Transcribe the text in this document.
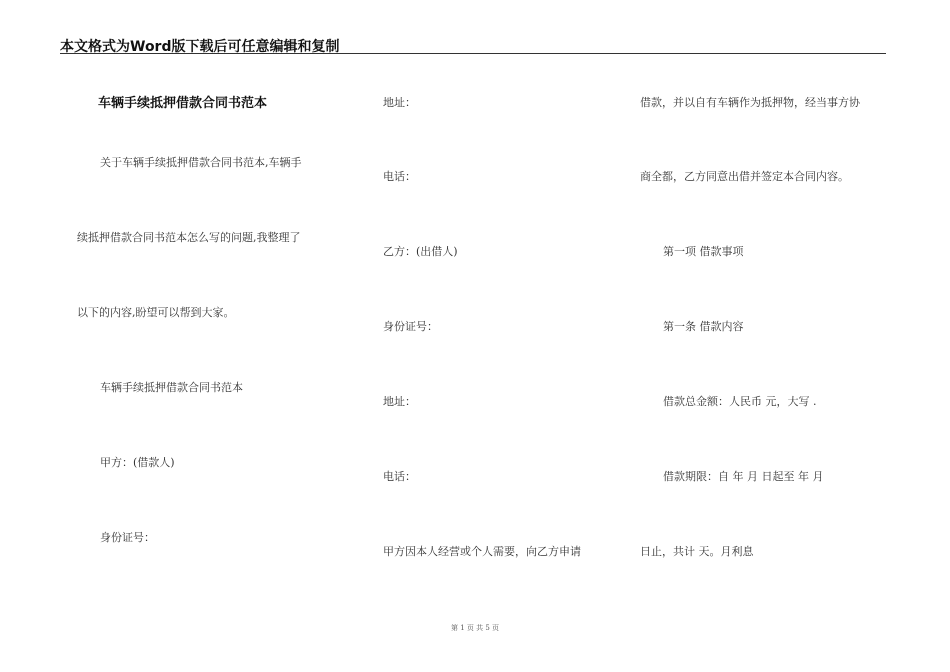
本文格式为Word版下载后可任意编辑和复制
车辆手续抵押借款合同书范本
关于车辆手续抵押借款合同书范本,车辆手
续抵押借款合同书范本怎么写的问题,我整理了
以下的内容,盼望可以帮到大家。
车辆手续抵押借款合同书范本
甲方：(借款人)
身份证号：
地址：
电话：
乙方：(出借人)
身份证号：
地址：
电话：
甲方因本人经营或个人需要，向乙方申请
借款，并以自有车辆作为抵押物，经当事方协
商全都，乙方同意出借并签定本合同内容。
第一项 借款事项
第一条 借款内容
借款总金额：人民币 元，大写 .
借款期限：自 年 月 日起至 年 月
日止，共计 天。月利息
第 1 页 共 5 页
